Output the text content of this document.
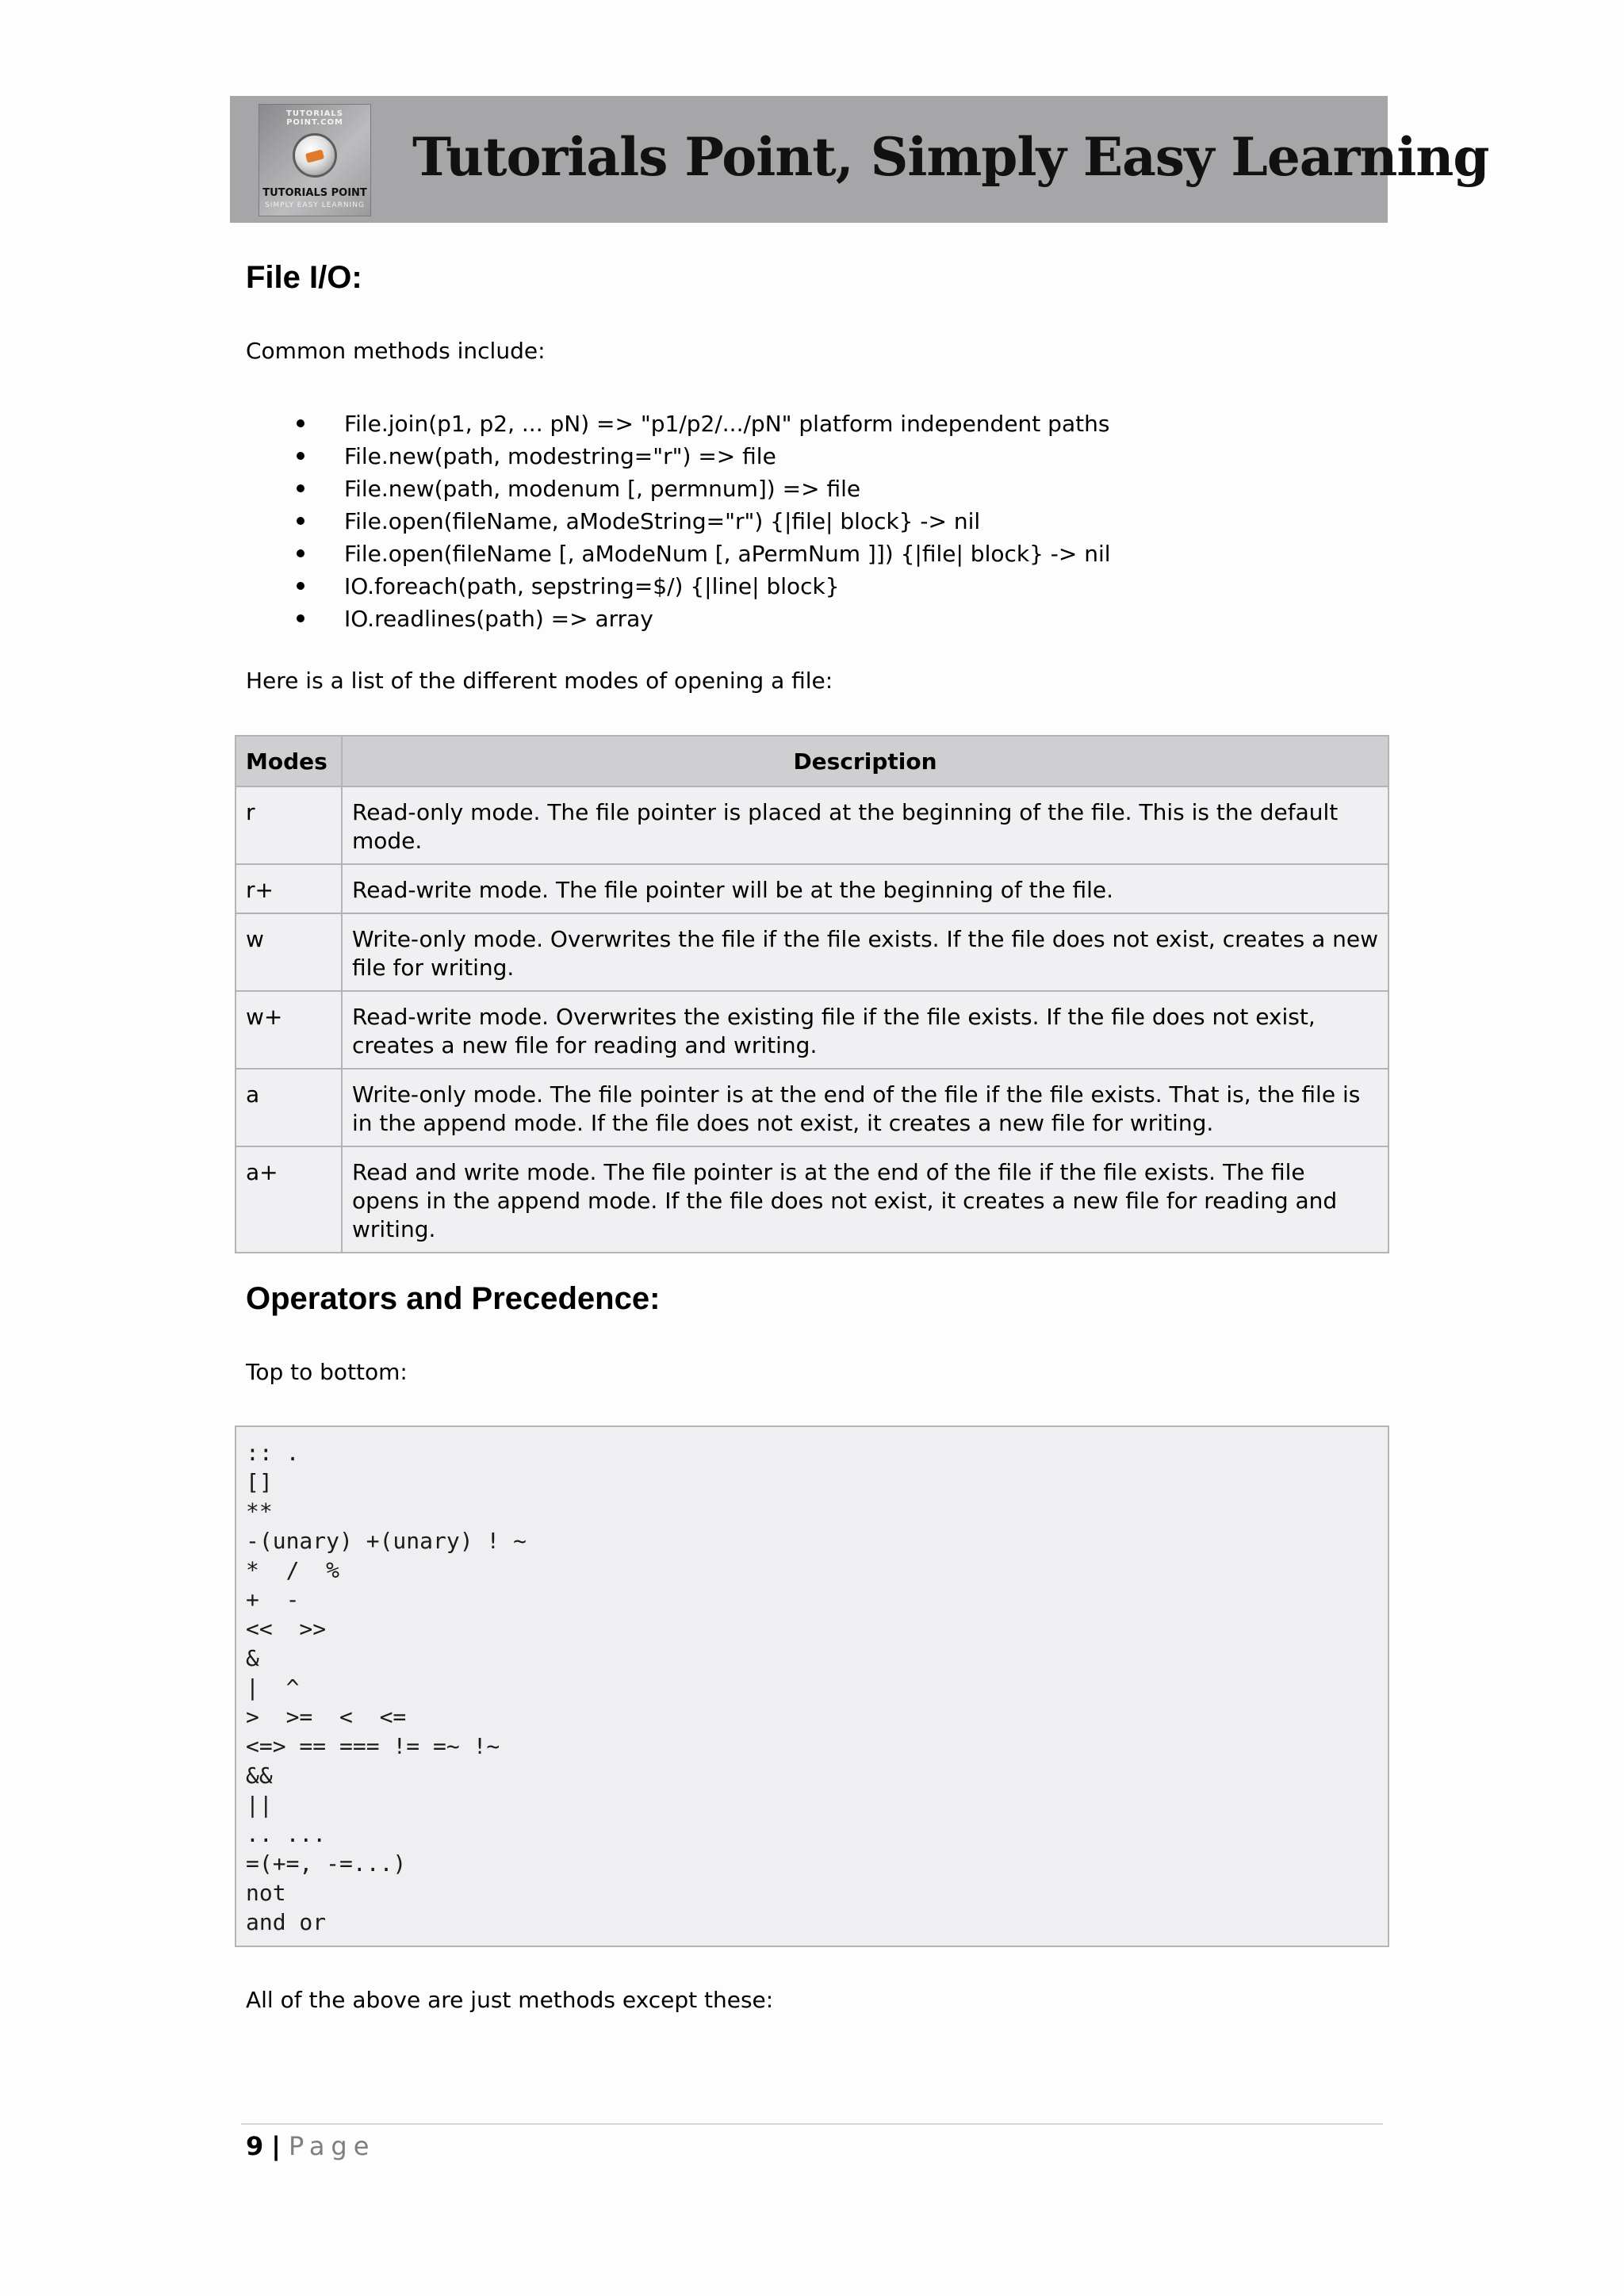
TUTORIALS POINT.COM
TUTORIALS POINT
SIMPLY EASY LEARNING
Tutorials Point, Simply Easy Learning
File I/O:
Common methods include:
File.join(p1, p2, ... pN) => "p1/p2/.../pN" platform independent paths
File.new(path, modestring="r") => file
File.new(path, modenum [, permnum]) => file
File.open(fileName, aModeString="r") {|file| block} -> nil
File.open(fileName [, aModeNum [, aPermNum ]]) {|file| block} -> nil
IO.foreach(path, sepstring=$/) {|line| block}
IO.readlines(path) => array
Here is a list of the different modes of opening a file:
Modes	Description
r	Read-only mode. The file pointer is placed at the beginning of the file. This is the default mode.
r+	Read-write mode. The file pointer will be at the beginning of the file.
w	Write-only mode. Overwrites the file if the file exists. If the file does not exist, creates a new file for writing.
w+	Read-write mode. Overwrites the existing file if the file exists. If the file does not exist, creates a new file for reading and writing.
a	Write-only mode. The file pointer is at the end of the file if the file exists. That is, the file is in the append mode. If the file does not exist, it creates a new file for writing.
a+	Read and write mode. The file pointer is at the end of the file if the file exists. The file opens in the append mode. If the file does not exist, it creates a new file for reading and writing.
Operators and Precedence:
Top to bottom:
:: .
[]
**
-(unary) +(unary) ! ~
*  /  %
+  -
<<  >>
&
|  ^
>  >=  <  <=
<=> == === != =~ !~
&&
||
.. ...
=(+=, -=...)
not
and or
All of the above are just methods except these:
9 | Page
